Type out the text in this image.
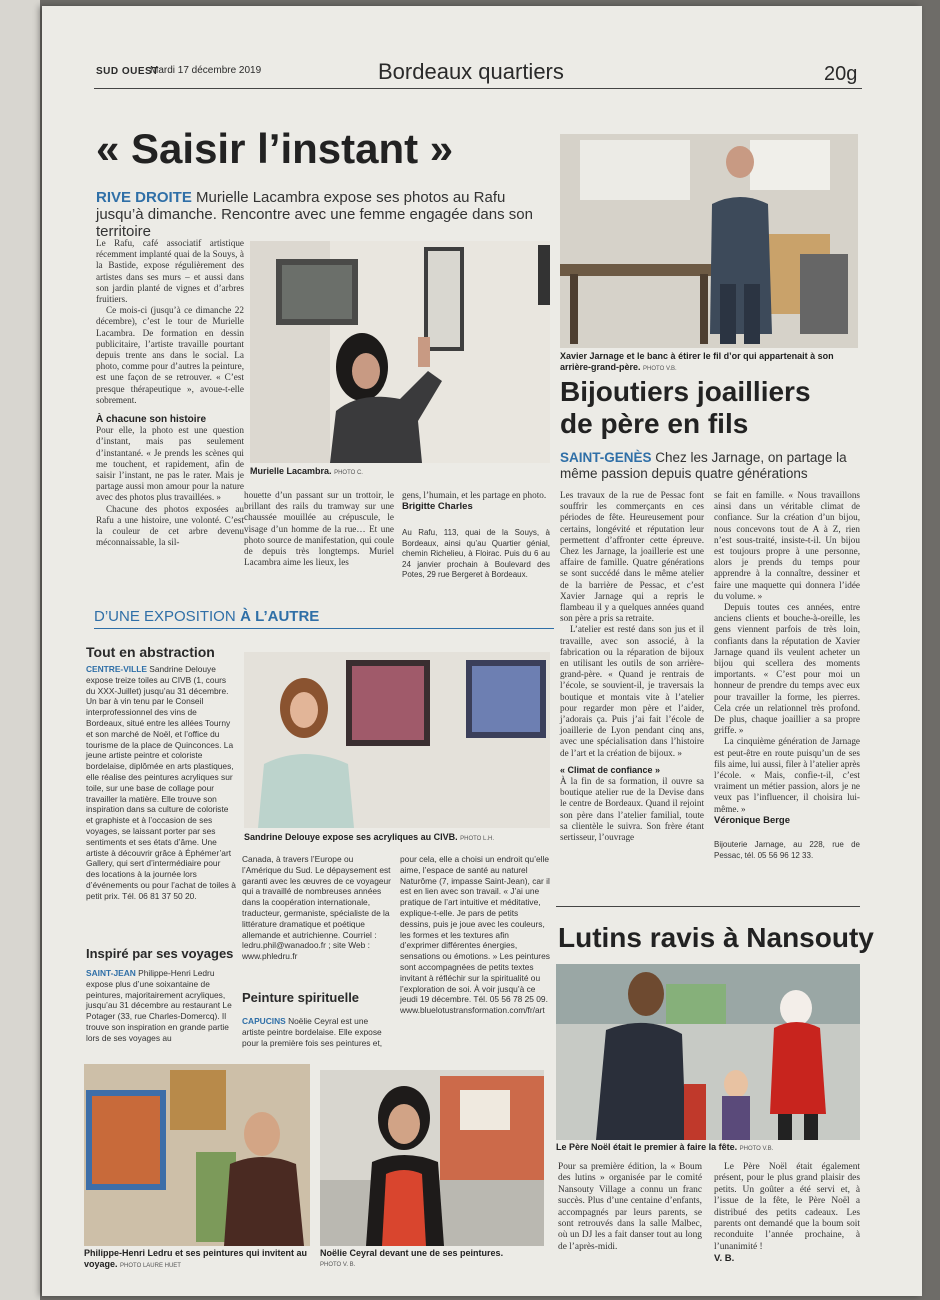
SUD OUEST
Mardi 17 décembre 2019	Bordeaux quartiers	20g
« Saisir l’instant »
RIVE DROITE Murielle Lacambra expose ses photos au Rafu jusqu’à dimanche. Rencontre avec une femme engagée dans son territoire
Le Rafu, café associatif artistique récemment implanté quai de la Souys, à la Bastide, expose régulièrement des artistes dans ses murs – et aussi dans son jardin planté de vignes et d’arbres fruitiers.
Ce mois-ci (jusqu’à ce dimanche 22 décembre), c’est le tour de Murielle Lacambra. De formation en dessin publicitaire, l’artiste travaille pourtant depuis trente ans dans le social. La photo, comme pour d’autres la peinture, est une façon de se retrouver. « C’est presque thérapeutique », avoue-t-elle sobrement.
À chacune son histoire
Pour elle, la photo est une question d’instant, mais pas seulement d’instantané. « Je prends les scènes qui me touchent, et rapidement, afin de saisir l’instant, ne pas le rater. Mais je partage aussi mon amour pour la nature avec des photos plus travaillées. »
Chacune des photos exposées au Rafu a une histoire, une volonté. C’est la couleur de cet arbre devenu méconnaissable, la sil-
Murielle Lacambra. PHOTO C.
houette d’un passant sur un trottoir, le brillant des rails du tramway sur une chaussée mouillée au crépuscule, le visage d’un homme de la rue… Et une photo source de manifestation, qui coule de depuis très longtemps. Muriel Lacambra aime les lieux, les
gens, l’humain, et les partage en photo.
Brigitte Charles
Au Rafu, 113, quai de la Souys, à Bordeaux, ainsi qu’au Quartier génial, chemin Richelieu, à Floirac. Puis du 6 au 24 janvier prochain à Boulevard des Potes, 29 rue Bergeret à Bordeaux.
Xavier Jarnage et le banc à étirer le fil d’or qui appartenait à son arrière-grand-père. PHOTO V.B.
Bijoutiers joailliers
de père en fils
SAINT-GENÈS Chez les Jarnage, on partage la même passion depuis quatre générations
Les travaux de la rue de Pessac font souffrir les commerçants en ces périodes de fête. Heureusement pour certains, longévité et réputation leur permettent d’affronter cette épreuve. Chez les Jarnage, la joaillerie est une affaire de famille. Quatre générations se sont succédé dans le même atelier de la barrière de Pessac, et c’est Xavier Jarnage qui a repris le flambeau il y a quelques années quand son père a pris sa retraite.
L’atelier est resté dans son jus et il travaille, avec son associé, à la fabrication ou la réparation de bijoux en utilisant les outils de son arrière-grand-père. « Quand je rentrais de l’école, se souvient-il, je traversais la boutique et montais vite à l’atelier pour regarder mon père et l’aider, j’adorais ça. Puis j’ai fait l’école de joaillerie de Lyon pendant cinq ans, avec une spécialisation dans l’histoire de l’art et la création de bijoux. »
« Climat de confiance »
À la fin de sa formation, il ouvre sa boutique atelier rue de la Devise dans le centre de Bordeaux. Quand il rejoint son père dans l’atelier familial, toute sa clientèle le suivra. Son frère étant sertisseur, l’ouvrage
se fait en famille. « Nous travaillons ainsi dans un véritable climat de confiance. Sur la création d’un bijou, nous concevons tout de A à Z, rien n’est sous-traité, insiste-t-il. Un bijou est toujours propre à une personne, alors je prends du temps pour apprendre à la connaître, dessiner et faire une maquette qui donnera l’idée du volume. »
Depuis toutes ces années, entre anciens clients et bouche-à-oreille, les gens viennent parfois de très loin, confiants dans la réputation de Xavier Jarnage quand ils veulent acheter un bijou qui scellera des moments importants. « C’est pour moi un honneur de prendre du temps avec eux pour travailler la forme, les pierres. Cela crée un relationnel très profond. De plus, chaque joaillier a sa propre griffe. »
La cinquième génération de Jarnage est peut-être en route puisqu’un de ses fils aime, lui aussi, filer à l’atelier après l’école. « Mais, confie-t-il, c’est vraiment un métier passion, alors je ne veux pas l’influencer, il choisira lui-même. »
Véronique Berge
Bijouterie Jarnage, au 228, rue de Pessac, tél. 05 56 96 12 33.
D’UNE EXPOSITION À L’AUTRE
Tout en abstraction
CENTRE-VILLE Sandrine Delouye expose treize toiles au CIVB (1, cours du XXX-Juillet) jusqu’au 31 décembre. Un bar à vin tenu par le Conseil interprofessionnel des vins de Bordeaux, situé entre les allées Tourny et son marché de Noël, et l’office du tourisme de la place de Quinconces. La jeune artiste peintre et coloriste bordelaise, diplômée en arts plastiques, elle réalise des peintures acryliques sur toile, sur une base de collage pour travailler la matière. Elle trouve son inspiration dans sa culture de coloriste et graphiste et à l’occasion de ses voyages, se laissant porter par ses sentiments et ses états d’âme. Une artiste à découvrir grâce à Éphémer’art Gallery, qui sert d’intermédiaire pour des locations à la journée lors d’événements ou pour l’achat de toiles à petit prix. Tél. 06 81 37 50 20.
Sandrine Delouye expose ses acryliques au CIVB. PHOTO L.H.
Inspiré par ses voyages
SAINT-JEAN Philippe-Henri Ledru expose plus d’une soixantaine de peintures, majoritairement acryliques, jusqu’au 31 décembre au restaurant Le Potager (33, rue Charles-Domercq). Il trouve son inspiration en grande partie lors de ses voyages au
Canada, à travers l’Europe ou l’Amérique du Sud. Le dépaysement est garanti avec les œuvres de ce voyageur qui a travaillé de nombreuses années dans la coopération internationale, traducteur, germaniste, spécialiste de la littérature dramatique et poétique allemande et autrichienne. Courriel : ledru.phil@wanadoo.fr ; site Web : www.phledru.fr
Peinture spirituelle
CAPUCINS Noëlie Ceyral est une artiste peintre bordelaise. Elle expose pour la première fois ses peintures et,
pour cela, elle a choisi un endroit qu’elle aime, l’espace de santé au naturel Naturôme (7, impasse Saint-Jean), car il est en lien avec son travail. « J’ai une pratique de l’art intuitive et méditative, explique-t-elle. Je pars de petits dessins, puis je joue avec les couleurs, les formes et les textures afin d’exprimer différentes énergies, sensations ou émotions. » Les peintures sont accompagnées de petits textes invitant à réfléchir sur la spiritualité ou l’exploration de soi. À voir jusqu’à ce jeudi 19 décembre. Tél. 05 56 78 25 09. www.bluelotustransformation.com/fr/art
Philippe-Henri Ledru et ses peintures qui invitent au voyage. PHOTO LAURE HUET
Noëlie Ceyral devant une de ses peintures.
PHOTO V. B.
Lutins ravis à Nansouty
Le Père Noël était le premier à faire la fête. PHOTO V.B.
Pour sa première édition, la « Boum des lutins » organisée par le comité Nansouty Village a connu un franc succès. Plus d’une centaine d’enfants, accompagnés par leurs parents, se sont retrouvés dans la salle Malbec, où un DJ les a fait danser tout au long de l’après-midi.
Le Père Noël était également présent, pour le plus grand plaisir des petits. Un goûter a été servi et, à l’issue de la fête, le Père Noël a distribué des petits cadeaux. Les parents ont demandé que la boum soit reconduite l’année prochaine, à l’unanimité !
V. B.
